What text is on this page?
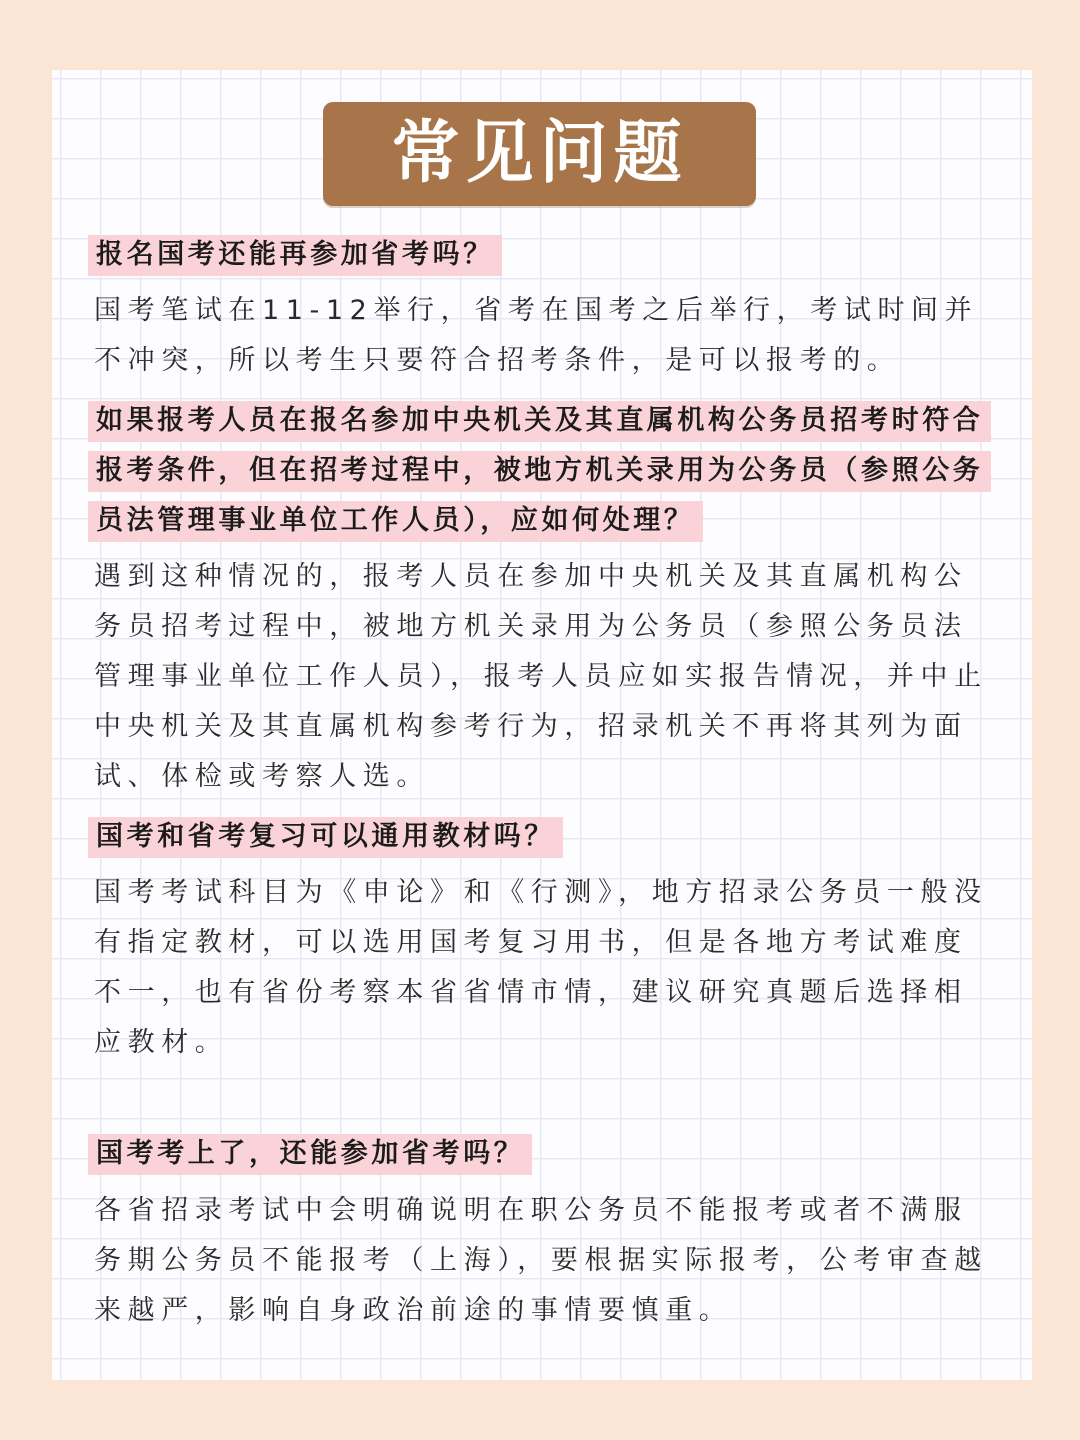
常见问题
报名国考还能再参加省考吗？

国考笔试在11-12举行，省考在国考之后举行，考试时间并不冲突，所以考生只要符合招考条件，是可以报考的。

如果报考人员在报名参加中央机关及其直属机构公务员招考时符合报考条件，但在招考过程中，被地方机关录用为公务员（参照公务员法管理事业单位工作人员），应如何处理？

遇到这种情况的，报考人员在参加中央机关及其直属机构公务员招考过程中，被地方机关录用为公务员（参照公务员法管理事业单位工作人员），报考人员应如实报告情况，并中止中央机关及其直属机构参考行为，招录机关不再将其列为面试、体检或考察人选。

国考和省考复习可以通用教材吗？

国考考试科目为《申论》和《行测》，地方招录公务员一般没有指定教材，可以选用国考复习用书，但是各地方考试难度不一，也有省份考察本省省情市情，建议研究真题后选择相应教材。

国考考上了，还能参加省考吗？

各省招录考试中会明确说明在职公务员不能报考或者不满服务期公务员不能报考（上海），要根据实际报考，公考审查越来越严，影响自身政治前途的事情要慎重。
